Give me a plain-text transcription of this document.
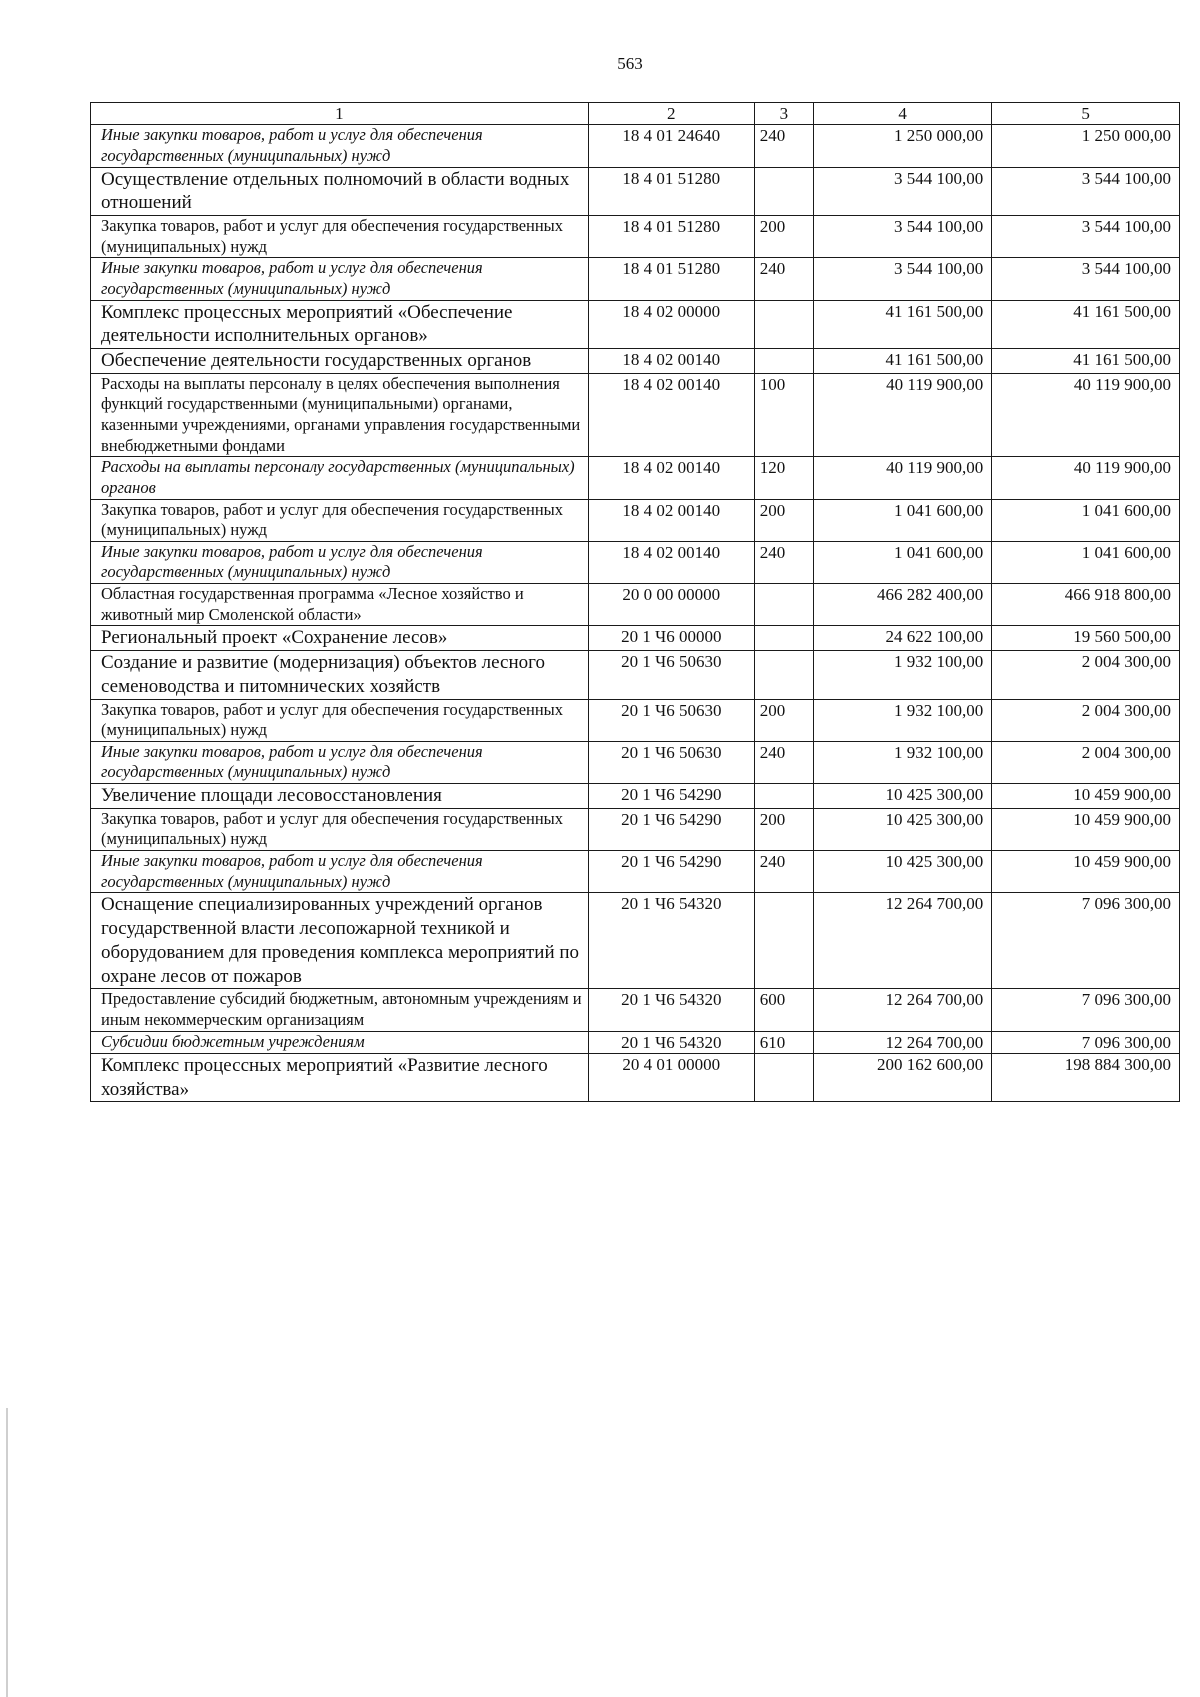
563
1	2	3	4	5
Иные закупки товаров, работ и услуг для обеспечения государственных (муниципальных) нужд	18 4 01 24640	240	1 250 000,00	1 250 000,00
Осуществление отдельных полномочий в области водных отношений	18 4 01 51280		3 544 100,00	3 544 100,00
Закупка товаров, работ и услуг для обеспечения государственных (муниципальных) нужд	18 4 01 51280	200	3 544 100,00	3 544 100,00
Иные закупки товаров, работ и услуг для обеспечения государственных (муниципальных) нужд	18 4 01 51280	240	3 544 100,00	3 544 100,00
Комплекс процессных мероприятий «Обеспечение деятельности исполнительных органов»	18 4 02 00000		41 161 500,00	41 161 500,00
Обеспечение деятельности государственных органов	18 4 02 00140		41 161 500,00	41 161 500,00
Расходы на выплаты персоналу в целях обеспечения выполнения функций государственными (муниципальными) органами, казенными учреждениями, органами управления государственными внебюджетными фондами	18 4 02 00140	100	40 119 900,00	40 119 900,00
Расходы на выплаты персоналу государственных (муниципальных) органов	18 4 02 00140	120	40 119 900,00	40 119 900,00
Закупка товаров, работ и услуг для обеспечения государственных (муниципальных) нужд	18 4 02 00140	200	1 041 600,00	1 041 600,00
Иные закупки товаров, работ и услуг для обеспечения государственных (муниципальных) нужд	18 4 02 00140	240	1 041 600,00	1 041 600,00
Областная государственная программа «Лесное хозяйство и животный мир Смоленской области»	20 0 00 00000		466 282 400,00	466 918 800,00
Региональный проект «Сохранение лесов»	20 1 Ч6 00000		24 622 100,00	19 560 500,00
Создание и развитие (модернизация) объектов лесного семеноводства и питомнических хозяйств	20 1 Ч6 50630		1 932 100,00	2 004 300,00
Закупка товаров, работ и услуг для обеспечения государственных (муниципальных) нужд	20 1 Ч6 50630	200	1 932 100,00	2 004 300,00
Иные закупки товаров, работ и услуг для обеспечения государственных (муниципальных) нужд	20 1 Ч6 50630	240	1 932 100,00	2 004 300,00
Увеличение площади лесовосстановления	20 1 Ч6 54290		10 425 300,00	10 459 900,00
Закупка товаров, работ и услуг для обеспечения государственных (муниципальных) нужд	20 1 Ч6 54290	200	10 425 300,00	10 459 900,00
Иные закупки товаров, работ и услуг для обеспечения государственных (муниципальных) нужд	20 1 Ч6 54290	240	10 425 300,00	10 459 900,00
Оснащение специализированных учреждений органов государственной власти лесопожарной техникой и оборудованием для проведения комплекса мероприятий по охране лесов от пожаров	20 1 Ч6 54320		12 264 700,00	7 096 300,00
Предоставление субсидий бюджетным, автономным учреждениям и иным некоммерческим организациям	20 1 Ч6 54320	600	12 264 700,00	7 096 300,00
Субсидии бюджетным учреждениям	20 1 Ч6 54320	610	12 264 700,00	7 096 300,00
Комплекс процессных мероприятий «Развитие лесного хозяйства»	20 4 01 00000		200 162 600,00	198 884 300,00
